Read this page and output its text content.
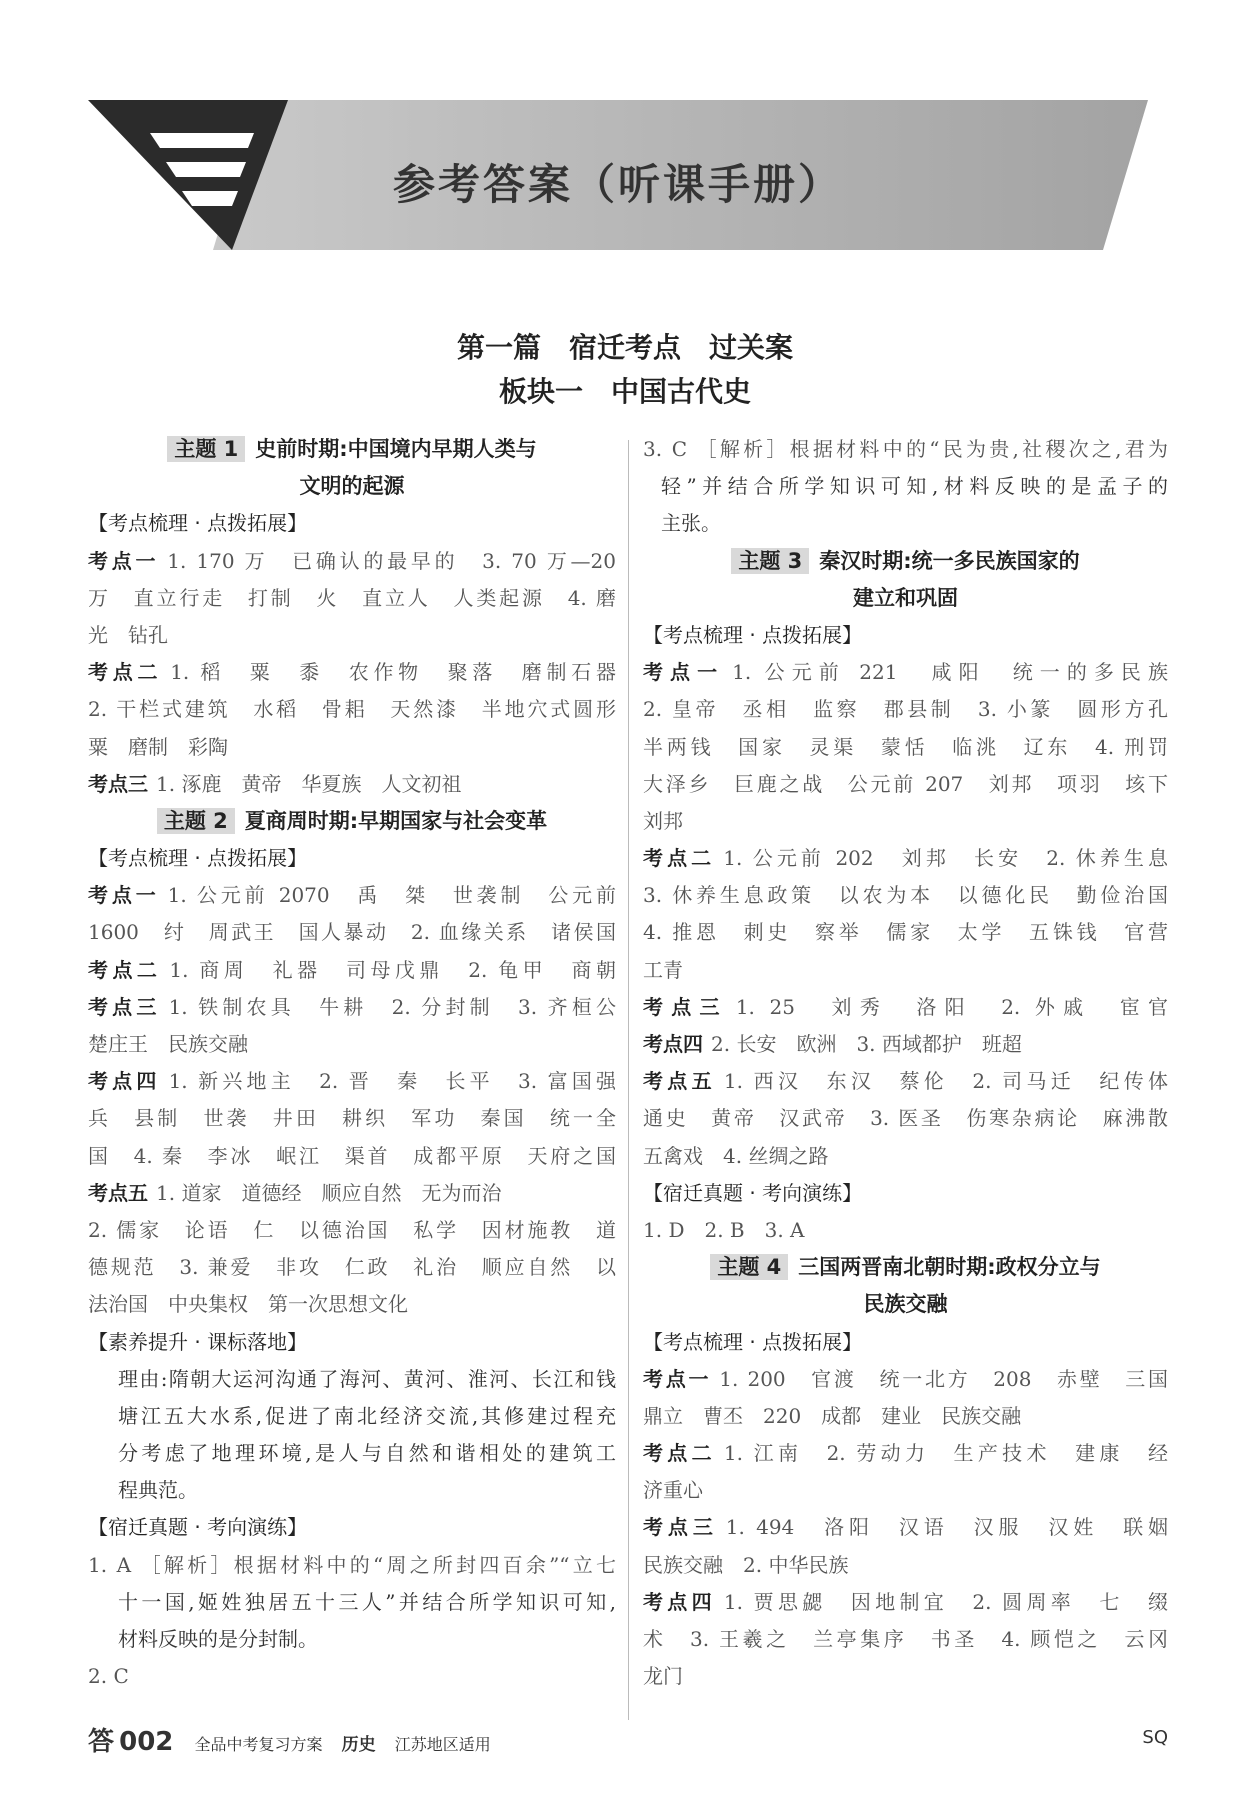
参考答案（听课手册）
第一篇　宿迁考点　过关案
板块一　中国古代史
主题 1 史前时期:中国境内早期人类与
文明的起源
【考点梳理 · 点拨拓展】
考点一 1. 170 万　已确认的最早的　3. 70 万—20
万　直立行走　打制　火　直立人　人类起源　4. 磨
光　钻孔
考点二 1. 稻　粟　黍　农作物　聚落　磨制石器
2. 干栏式建筑　水稻　骨耜　天然漆　半地穴式圆形
粟　磨制　彩陶
考点三 1. 涿鹿　黄帝　华夏族　人文初祖
主题 2 夏商周时期:早期国家与社会变革
【考点梳理 · 点拨拓展】
考点一 1. 公元前 2070　禹　桀　世袭制　公元前
1600　纣　周武王　国人暴动　2. 血缘关系　诸侯国
考点二 1. 商周　礼器　司母戊鼎　2. 龟甲　商朝
考点三 1. 铁制农具　牛耕　2. 分封制　3. 齐桓公
楚庄王　民族交融
考点四 1. 新兴地主　2. 晋　秦　长平　3. 富国强
兵　县制　世袭　井田　耕织　军功　秦国　统一全
国　4. 秦　李冰　岷江　渠首　成都平原　天府之国
考点五 1. 道家　道德经　顺应自然　无为而治
2. 儒家　论语　仁　以德治国　私学　因材施教　道
德规范　3. 兼爱　非攻　仁政　礼治　顺应自然　以
法治国　中央集权　第一次思想文化
【素养提升 · 课标落地】
理由:隋朝大运河沟通了海河、黄河、淮河、长江和钱
塘江五大水系,促进了南北经济交流,其修建过程充
分考虑了地理环境,是人与自然和谐相处的建筑工
程典范。
【宿迁真题 · 考向演练】
1. A ［解析］根据材料中的“周之所封四百余”“立七
十一国,姬姓独居五十三人”并结合所学知识可知,
材料反映的是分封制。
2. C
3. C ［解析］根据材料中的“民为贵,社稷次之,君为
轻”并结合所学知识可知,材料反映的是孟子的
主张。
主题 3 秦汉时期:统一多民族国家的
建立和巩固
【考点梳理 · 点拨拓展】
考点一 1. 公元前 221　咸阳　统一的多民族
2. 皇帝　丞相　监察　郡县制　3. 小篆　圆形方孔
半两钱　国家　灵渠　蒙恬　临洮　辽东　4. 刑罚
大泽乡　巨鹿之战　公元前 207　刘邦　项羽　垓下
刘邦
考点二 1. 公元前 202　刘邦　长安　2. 休养生息
3. 休养生息政策　以农为本　以德化民　勤俭治国
4. 推恩　刺史　察举　儒家　太学　五铢钱　官营
工青
考点三 1. 25　刘秀　洛阳　2. 外戚　宦官
考点四 2. 长安　欧洲　3. 西域都护　班超
考点五 1. 西汉　东汉　蔡伦　2. 司马迁　纪传体
通史　黄帝　汉武帝　3. 医圣　伤寒杂病论　麻沸散
五禽戏　4. 丝绸之路
【宿迁真题 · 考向演练】
1. D　2. B　3. A
主题 4 三国两晋南北朝时期:政权分立与
民族交融
【考点梳理 · 点拨拓展】
考点一 1. 200　官渡　统一北方　208　赤壁　三国
鼎立　曹丕　220　成都　建业　民族交融
考点二 1. 江南　2. 劳动力　生产技术　建康　经
济重心
考点三 1. 494　洛阳　汉语　汉服　汉姓　联姻
民族交融　2. 中华民族
考点四 1. 贾思勰　因地制宜　2. 圆周率　七　缀
术　3. 王羲之　兰亭集序　书圣　4. 顾恺之　云冈
龙门
答 002 全品中考复习方案 历史 江苏地区适用	SQ
